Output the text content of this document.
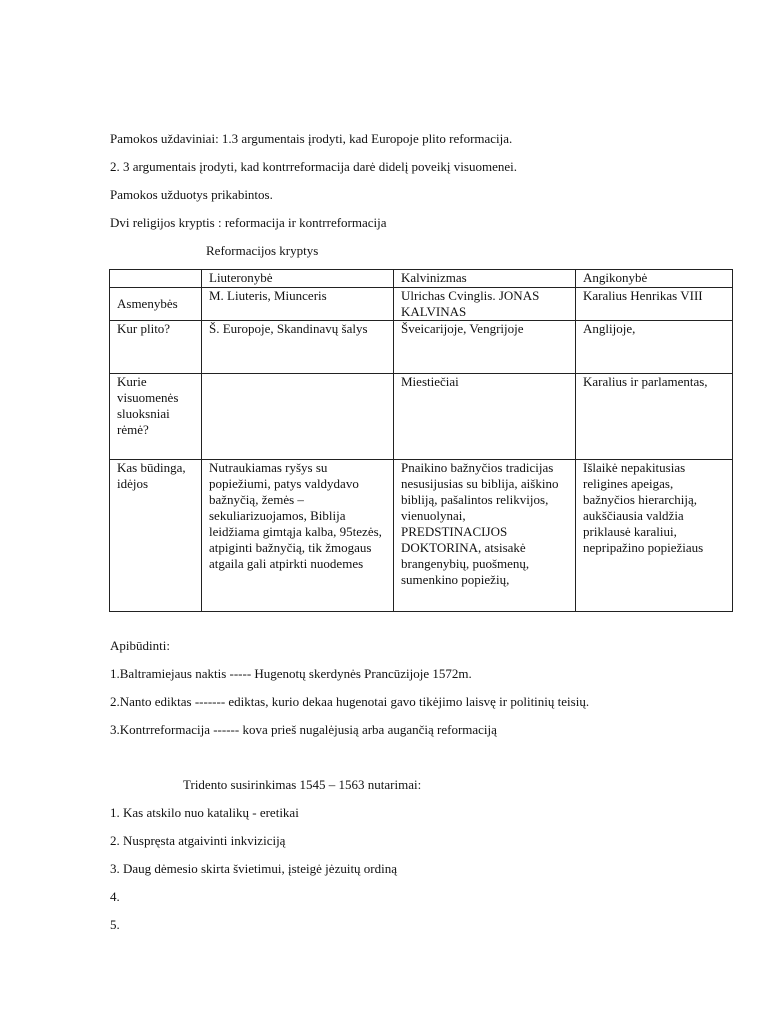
Pamokos uždaviniai: 1.3 argumentais įrodyti, kad Europoje plito reformacija.
2. 3 argumentais įrodyti, kad kontrreformacija darė didelį poveikį visuomenei.
Pamokos užduotys prikabintos.
Dvi religijos kryptis : reformacija ir kontrreformacija
Reformacijos kryptys
	Liuteronybė	Kalvinizmas	Angikonybė
Asmenybės	M. Liuteris, Miunceris	Ulrichas Cvinglis. JONAS KALVINAS	Karalius Henrikas VIII
Kur plito?	Š. Europoje, Skandinavų šalys	Šveicarijoje, Vengrijoje	Anglijoje,
Kurie visuomenės sluoksniai rėmė?		Miestiečiai	Karalius ir parlamentas,
Kas būdinga, idėjos	Nutraukiamas ryšys su popiežiumi, patys valdydavo bažnyčią, žemės – sekuliarizuojamos, Biblija leidžiama gimtąja kalba, 95tezės, atpiginti bažnyčią, tik žmogaus atgaila gali atpirkti nuodemes	Pnaikino bažnyčios tradicijas nesusijusias su biblija, aiškino bibliją, pašalintos relikvijos, vienuolynai, PREDSTINACIJOS DOKTORINA, atsisakė brangenybių, puošmenų, sumenkino popiežių,	Išlaikė nepakitusias religines apeigas, bažnyčios hierarchiją, aukščiausia valdžia priklausė karaliui, nepripažino popiežiaus
Apibūdinti:
1.Baltramiejaus naktis ----- Hugenotų skerdynės Prancūzijoje 1572m.
2.Nanto ediktas ------- ediktas, kurio dekaa hugenotai gavo tikėjimo laisvę ir politinių teisių.
3.Kontrreformacija ------ kova prieš nugalėjusią arba augančią reformaciją
Tridento susirinkimas 1545 – 1563 nutarimai:
1. Kas atskilo nuo katalikų - eretikai
2. Nuspręsta atgaivinti inkviziciją
3. Daug dėmesio skirta švietimui, įsteigė jėzuitų ordiną
4.
5.
